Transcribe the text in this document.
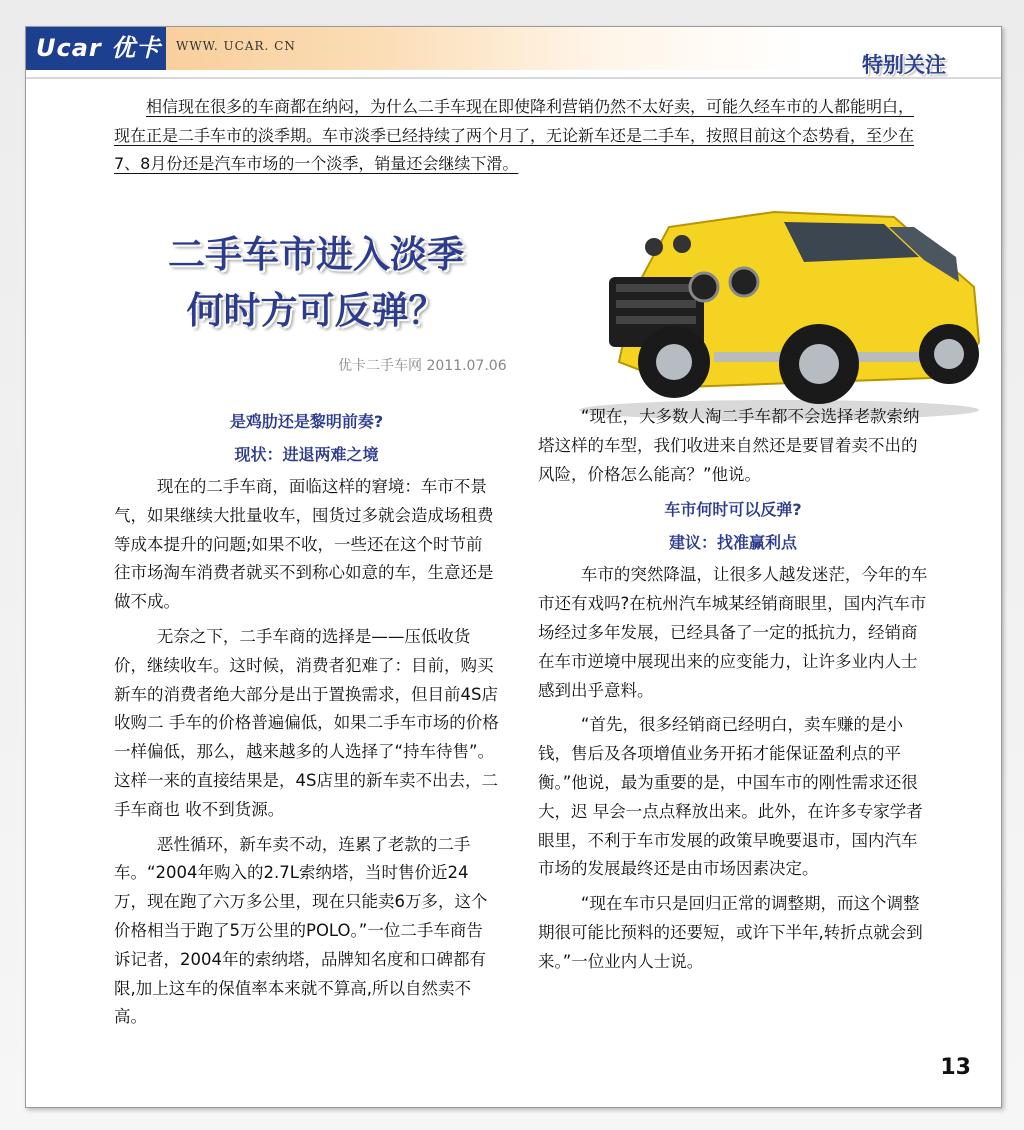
Ucar 优卡	WWW. UCAR. CN
特别关注
相信现在很多的车商都在纳闷，为什么二手车现在即使降利营销仍然不太好卖，可能久经车市的人都能明白，现在正是二手车市的淡季期。车市淡季已经持续了两个月了，无论新车还是二手车，按照目前这个态势看，至少在7、8月份还是汽车市场的一个淡季，销量还会继续下滑。
二手车市进入淡季
何时方可反弹？
优卡二手车网 2011.07.06
是鸡肋还是黎明前奏?
现状：进退两难之境

现在的二手车商，面临这样的窘境：车市不景气，如果继续大批量收车，囤货过多就会造成场租费等成本提升的问题;如果不收，一些还在这个时节前往市场淘车消费者就买不到称心如意的车，生意还是做不成。

无奈之下，二手车商的选择是——压低收货价，继续收车。这时候，消费者犯难了：目前，购买新车的消费者绝大部分是出于置换需求，但目前4S店收购二 手车的价格普遍偏低，如果二手车市场的价格一样偏低，那么，越来越多的人选择了“持车待售”。这样一来的直接结果是，4S店里的新车卖不出去，二手车商也 收不到货源。

恶性循环，新车卖不动，连累了老款的二手车。“2004年购入的2.7L索纳塔，当时售价近24万，现在跑了六万多公里，现在只能卖6万多，这个价格相当于跑了5万公里的POLO。”一位二手车商告诉记者，2004年的索纳塔，品牌知名度和口碑都有限,加上这车的保值率本来就不算高,所以自然卖不高。

“现在，大多数人淘二手车都不会选择老款索纳塔这样的车型，我们收进来自然还是要冒着卖不出的风险，价格怎么能高？”他说。

车市何时可以反弹?
建议：找准赢利点

车市的突然降温，让很多人越发迷茫，今年的车市还有戏吗?在杭州汽车城某经销商眼里，国内汽车市场经过多年发展，已经具备了一定的抵抗力，经销商在车市逆境中展现出来的应变能力，让许多业内人士感到出乎意料。

“首先，很多经销商已经明白，卖车赚的是小钱，售后及各项增值业务开拓才能保证盈利点的平衡。”他说，最为重要的是，中国车市的刚性需求还很大，迟 早会一点点释放出来。此外，在许多专家学者眼里，不利于车市发展的政策早晚要退市，国内汽车市场的发展最终还是由市场因素决定。

“现在车市只是回归正常的调整期，而这个调整期很可能比预料的还要短，或许下半年,转折点就会到来。”一位业内人士说。

13
